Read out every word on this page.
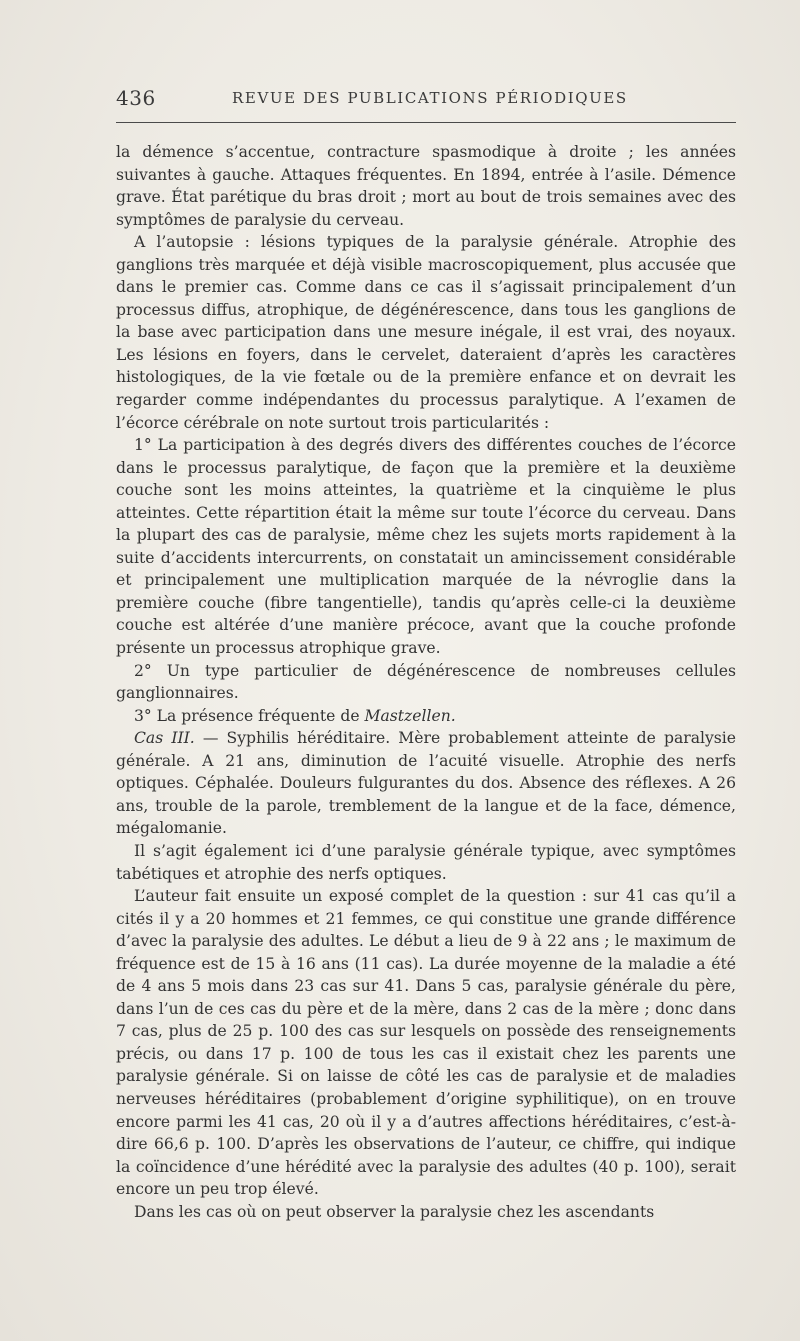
436	REVUE DES PUBLICATIONS PÉRIODIQUES

la démence s’accentue, contracture spasmodique à droite ; les années suivantes à gauche. Attaques fréquentes. En 1894, entrée à l’asile. Démence grave. État parétique du bras droit ; mort au bout de trois semaines avec des symptômes de paralysie du cerveau.

A l’autopsie : lésions typiques de la paralysie générale. Atrophie des ganglions très marquée et déjà visible macroscopiquement, plus accusée que dans le premier cas. Comme dans ce cas il s’agissait principalement d’un processus diffus, atrophique, de dégénérescence, dans tous les ganglions de la base avec participation dans une mesure inégale, il est vrai, des noyaux. Les lésions en foyers, dans le cervelet, dateraient d’après les caractères histologiques, de la vie fœtale ou de la première enfance et on devrait les regarder comme indépendantes du processus paralytique. A l’examen de l’écorce cérébrale on note surtout trois particularités :

1° La participation à des degrés divers des différentes couches de l’écorce dans le processus paralytique, de façon que la première et la deuxième couche sont les moins atteintes, la quatrième et la cinquième le plus atteintes. Cette répartition était la même sur toute l’écorce du cerveau. Dans la plupart des cas de paralysie, même chez les sujets morts rapidement à la suite d’accidents intercurrents, on constatait un amincissement considérable et principalement une multiplication marquée de la névroglie dans la première couche (fibre tangentielle), tandis qu’après celle-ci la deuxième couche est altérée d’une manière précoce, avant que la couche profonde présente un processus atrophique grave.

2° Un type particulier de dégénérescence de nombreuses cellules ganglionnaires.

3° La présence fréquente de Mastzellen.

Cas III. — Syphilis héréditaire. Mère probablement atteinte de paralysie générale. A 21 ans, diminution de l’acuité visuelle. Atrophie des nerfs optiques. Céphalée. Douleurs fulgurantes du dos. Absence des réflexes. A 26 ans, trouble de la parole, tremblement de la langue et de la face, démence, mégalomanie.

Il s’agit également ici d’une paralysie générale typique, avec symptômes tabétiques et atrophie des nerfs optiques.

L’auteur fait ensuite un exposé complet de la question : sur 41 cas qu’il a cités il y a 20 hommes et 21 femmes, ce qui constitue une grande différence d’avec la paralysie des adultes. Le début a lieu de 9 à 22 ans ; le maximum de fréquence est de 15 à 16 ans (11 cas). La durée moyenne de la maladie a été de 4 ans 5 mois dans 23 cas sur 41. Dans 5 cas, paralysie générale du père, dans l’un de ces cas du père et de la mère, dans 2 cas de la mère ; donc dans 7 cas, plus de 25 p. 100 des cas sur lesquels on possède des renseignements précis, ou dans 17 p. 100 de tous les cas il existait chez les parents une paralysie générale. Si on laisse de côté les cas de paralysie et de maladies nerveuses héréditaires (probablement d’origine syphilitique), on en trouve encore parmi les 41 cas, 20 où il y a d’autres affections héréditaires, c’est-à-dire 66,6 p. 100. D’après les observations de l’auteur, ce chiffre, qui indique la coïncidence d’une hérédité avec la paralysie des adultes (40 p. 100), serait encore un peu trop élevé.

Dans les cas où on peut observer la paralysie chez les ascendants
